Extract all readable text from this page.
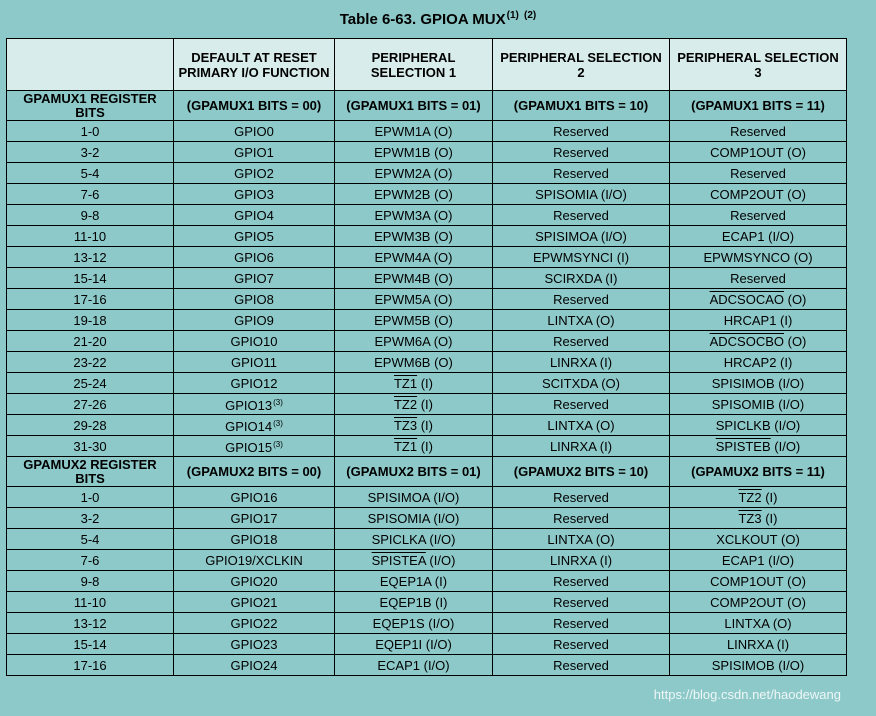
Table 6-63. GPIOA MUX$^{(1)}$ $^{(2)}$
	DEFAULT AT RESET PRIMARY I/O FUNCTION	PERIPHERAL SELECTION 1	PERIPHERAL SELECTION 2	PERIPHERAL SELECTION 3
GPAMUX1 REGISTER BITS	(GPAMUX1 BITS = 00)	(GPAMUX1 BITS = 01)	(GPAMUX1 BITS = 10)	(GPAMUX1 BITS = 11)
1-0	GPIO0	EPWM1A (O)	Reserved	Reserved
3-2	GPIO1	EPWM1B (O)	Reserved	COMP1OUT (O)
5-4	GPIO2	EPWM2A (O)	Reserved	Reserved
7-6	GPIO3	EPWM2B (O)	SPISOMIA (I/O)	COMP2OUT (O)
9-8	GPIO4	EPWM3A (O)	Reserved	Reserved
11-10	GPIO5	EPWM3B (O)	SPISIMOA (I/O)	ECAP1 (I/O)
13-12	GPIO6	EPWM4A (O)	EPWMSYNCI (I)	EPWMSYNCO (O)
15-14	GPIO7	EPWM4B (O)	SCIRXDA (I)	Reserved
17-16	GPIO8	EPWM5A (O)	Reserved	ADCSOCAO (O)
19-18	GPIO9	EPWM5B (O)	LINTXA (O)	HRCAP1 (I)
21-20	GPIO10	EPWM6A (O)	Reserved	ADCSOCBO (O)
23-22	GPIO11	EPWM6B (O)	LINRXA (I)	HRCAP2 (I)
25-24	GPIO12	TZ1 (I)	SCITXDA (O)	SPISIMOB (I/O)
27-26	GPIO13$^{(3)}$	TZ2 (I)	Reserved	SPISOMIB (I/O)
29-28	GPIO14$^{(3)}$	TZ3 (I)	LINTXA (O)	SPICLKB (I/O)
31-30	GPIO15$^{(3)}$	TZ1 (I)	LINRXA (I)	SPISTEB (I/O)
GPAMUX2 REGISTER BITS	(GPAMUX2 BITS = 00)	(GPAMUX2 BITS = 01)	(GPAMUX2 BITS = 10)	(GPAMUX2 BITS = 11)
1-0	GPIO16	SPISIMOA (I/O)	Reserved	TZ2 (I)
3-2	GPIO17	SPISOMIA (I/O)	Reserved	TZ3 (I)
5-4	GPIO18	SPICLKA (I/O)	LINTXA (O)	XCLKOUT (O)
7-6	GPIO19/XCLKIN	SPISTEA (I/O)	LINRXA (I)	ECAP1 (I/O)
9-8	GPIO20	EQEP1A (I)	Reserved	COMP1OUT (O)
11-10	GPIO21	EQEP1B (I)	Reserved	COMP2OUT (O)
13-12	GPIO22	EQEP1S (I/O)	Reserved	LINTXA (O)
15-14	GPIO23	EQEP1I (I/O)	Reserved	LINRXA (I)
17-16	GPIO24	ECAP1 (I/O)	Reserved	SPISIMOB (I/O)
https://blog.csdn.net/haodewang
